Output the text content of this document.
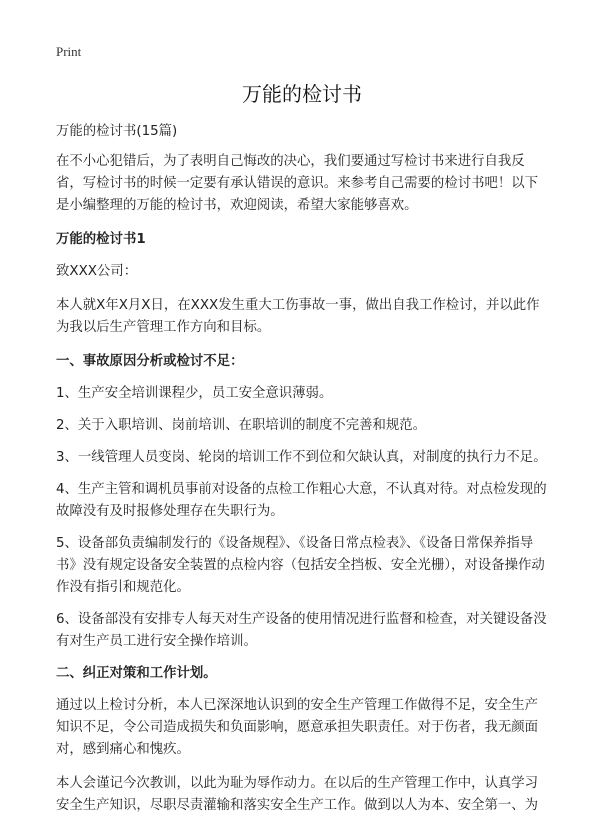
Print
万能的检讨书

万能的检讨书(15篇)

在不小心犯错后，为了表明自己悔改的决心，我们要通过写检讨书来进行自我反省，写检讨书的时候一定要有承认错误的意识。来参考自己需要的检讨书吧！以下是小编整理的万能的检讨书，欢迎阅读，希望大家能够喜欢。

万能的检讨书1

致XXX公司：

本人就X年X月X日，在XXX发生重大工伤事故一事，做出自我工作检讨，并以此作为我以后生产管理工作方向和目标。

一、事故原因分析或检讨不足：

1、生产安全培训课程少，员工安全意识薄弱。

2、关于入职培训、岗前培训、在职培训的制度不完善和规范。

3、一线管理人员变岗、轮岗的培训工作不到位和欠缺认真，对制度的执行力不足。

4、生产主管和调机员事前对设备的点检工作粗心大意，不认真对待。对点检发现的故障没有及时报修处理存在失职行为。

5、设备部负责编制发行的《设备规程》、《设备日常点检表》、《设备日常保养指导书》没有规定设备安全装置的点检内容（包括安全挡板、安全光栅），对设备操作动作没有指引和规范化。

6、设备部没有安排专人每天对生产设备的使用情况进行监督和检查，对关键设备没有对生产员工进行安全操作培训。

二、纠正对策和工作计划。

通过以上检讨分析，本人已深深地认识到的安全生产管理工作做得不足，安全生产知识不足，令公司造成损失和负面影响，愿意承担失职责任。对于伤者，我无颜面对，感到痛心和愧疚。

本人会谨记今次教训，以此为耻为辱作动力。在以后的生产管理工作中，认真学习安全生产知识，尽职尽责灌输和落实安全生产工作。做到以人为本、安全第一、为
